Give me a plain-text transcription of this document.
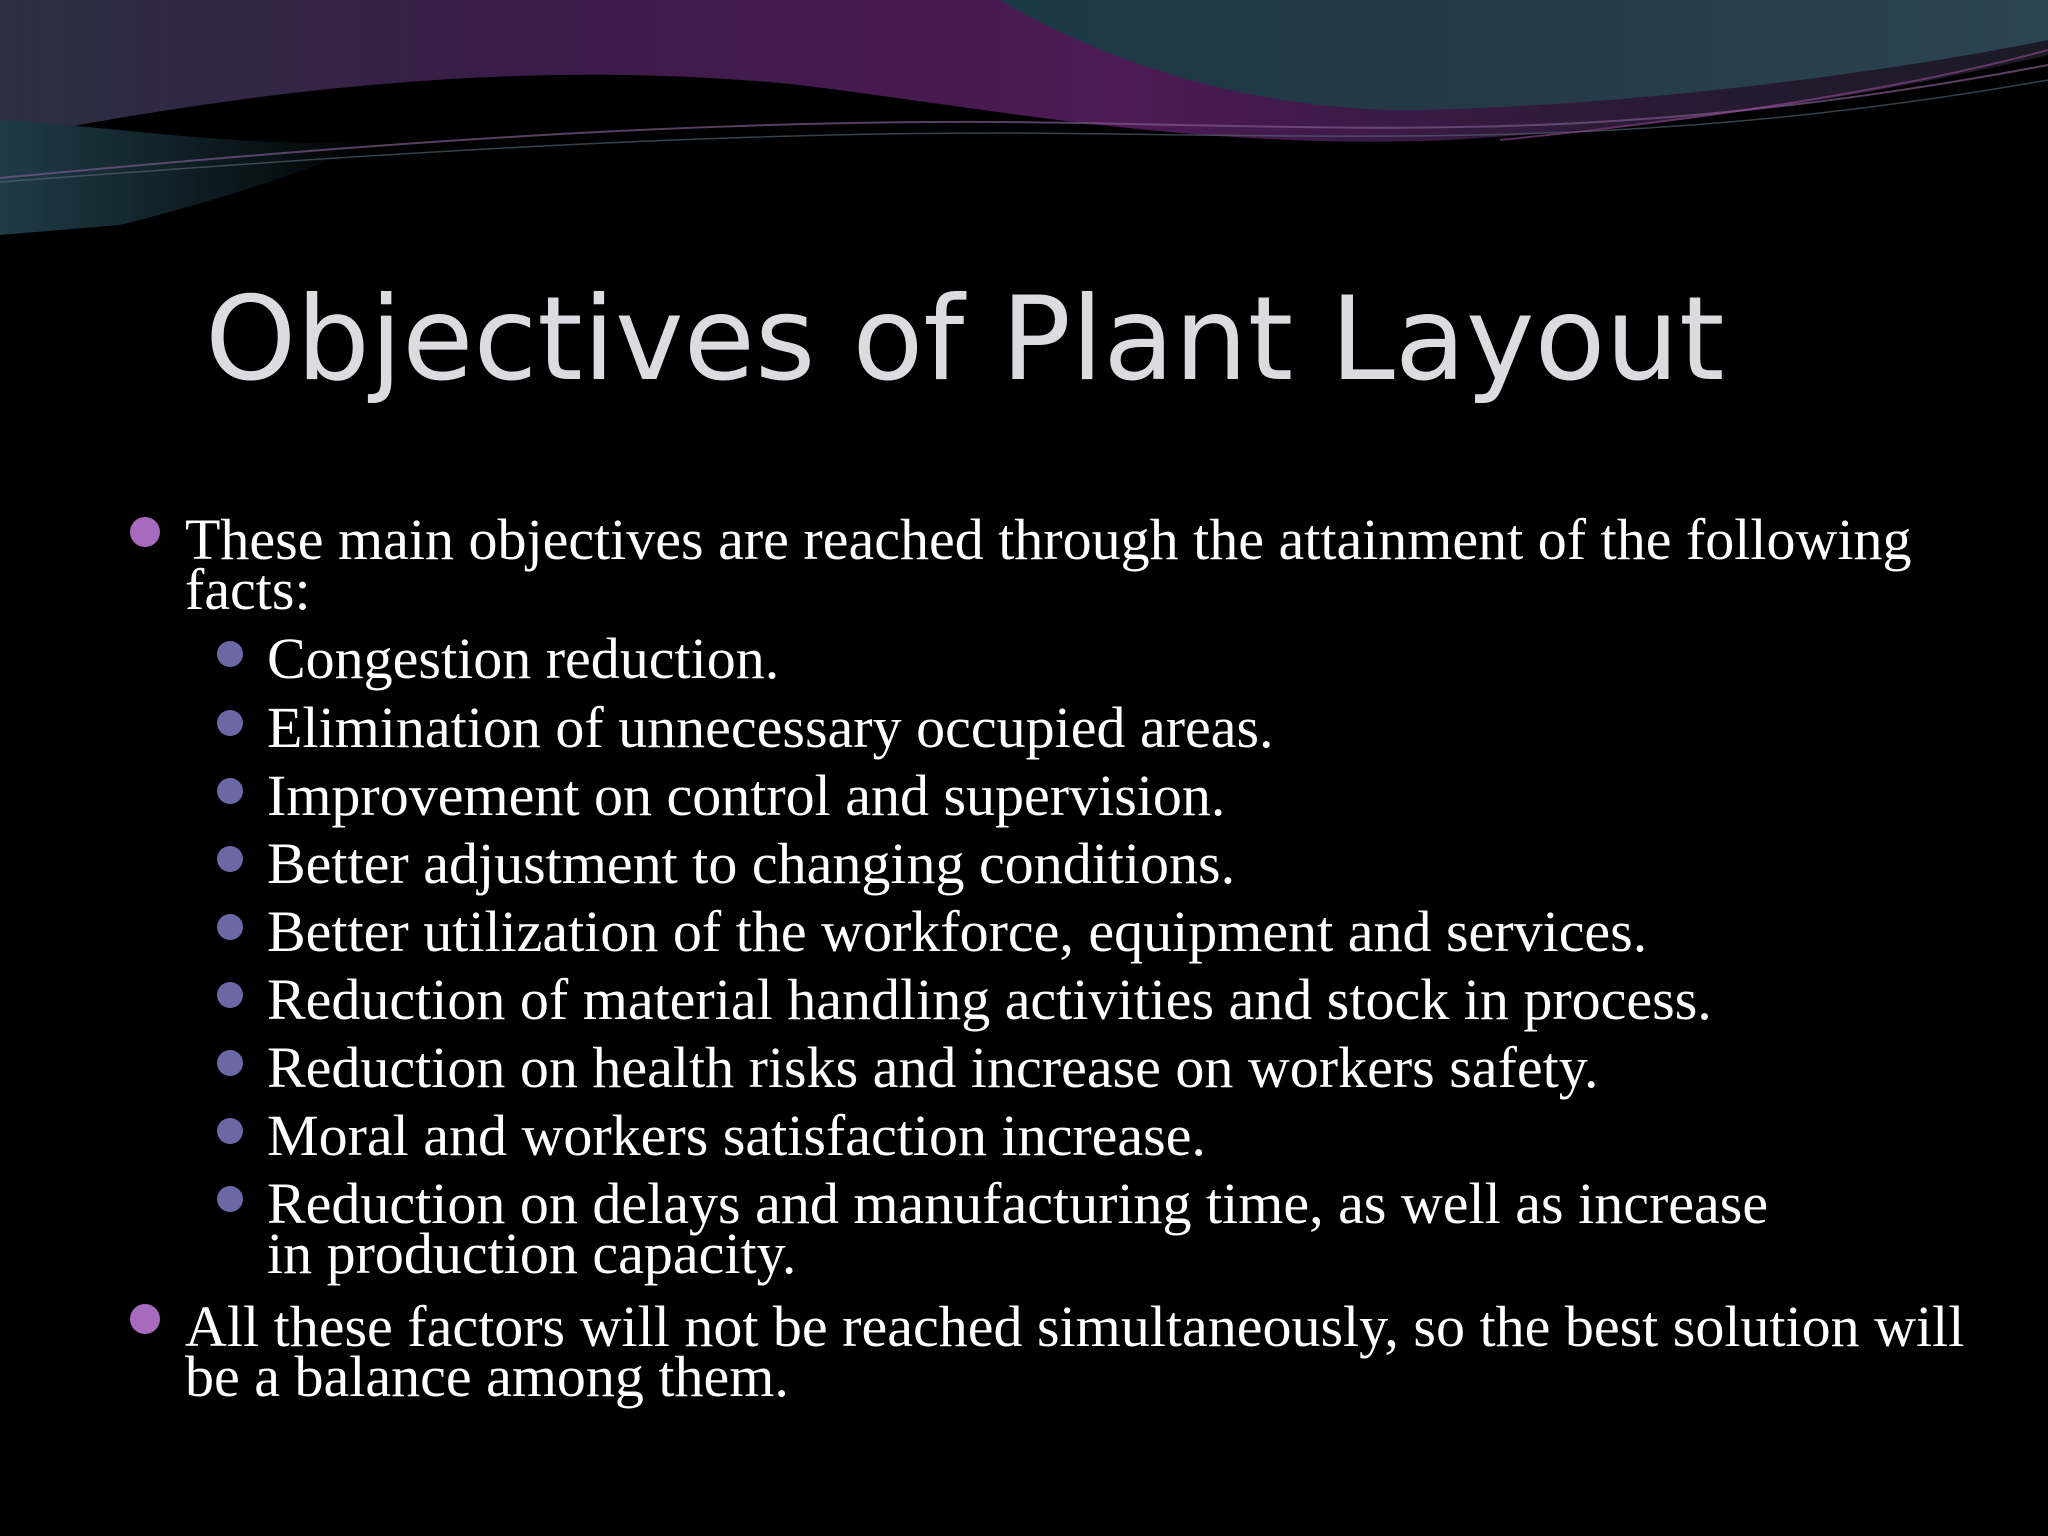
Objectives of Plant Layout
These main objectives are reached through the attainment of the following facts:
Congestion reduction.
Elimination of unnecessary occupied areas.
Improvement on control and supervision.
Better adjustment to changing conditions.
Better utilization of the workforce, equipment and services.
Reduction of material handling activities and stock in process.
Reduction on health risks and increase on workers safety.
Moral and workers satisfaction increase.
Reduction on delays and manufacturing time, as well as increase in production capacity.
All these factors will not be reached simultaneously, so the best solution will be a balance among them.
